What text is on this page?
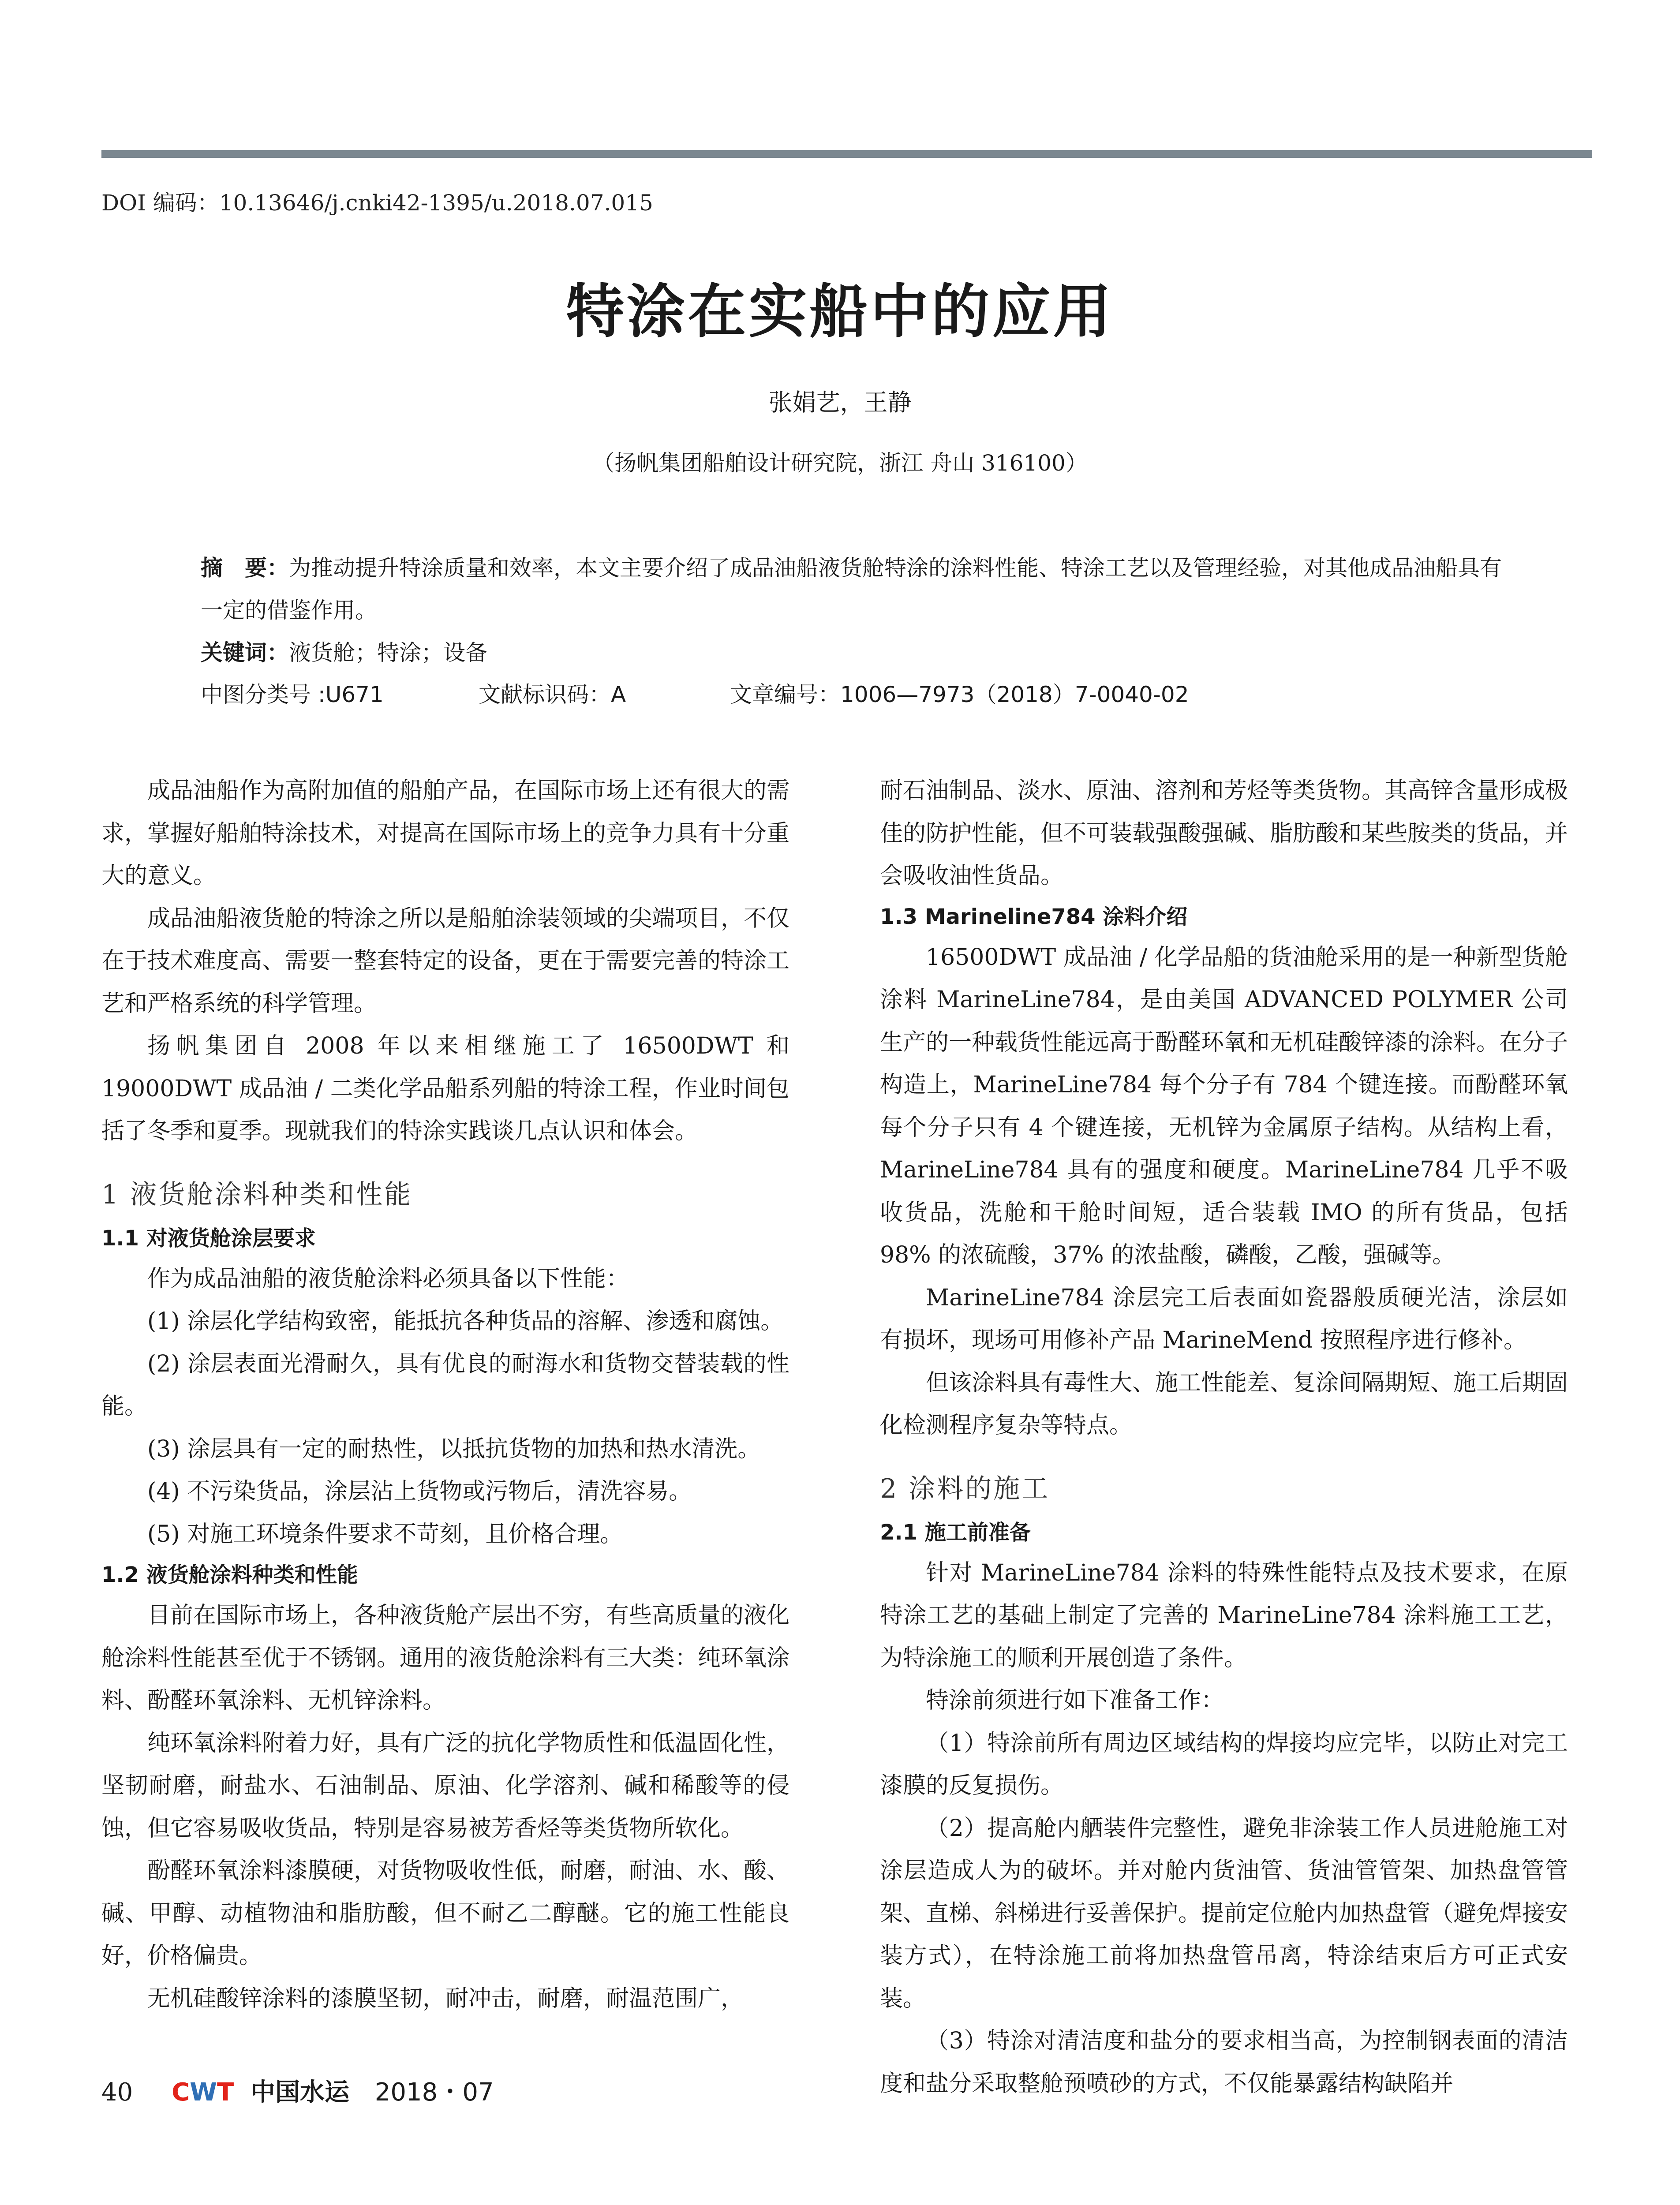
DOI 编码：10.13646/j.cnki42-1395/u.2018.07.015
特涂在实船中的应用
张娟艺，王静
（扬帆集团船舶设计研究院，浙江 舟山 316100）
摘　要：为推动提升特涂质量和效率，本文主要介绍了成品油船液货舱特涂的涂料性能、特涂工艺以及管理经验，对其他成品油船具有一定的借鉴作用。
关键词：液货舱；特涂；设备
中图分类号 :U671	文献标识码：A	文章编号：1006—7973（2018）7-0040-02

成品油船作为高附加值的船舶产品，在国际市场上还有很大的需求，掌握好船舶特涂技术，对提高在国际市场上的竞争力具有十分重大的意义。

成品油船液货舱的特涂之所以是船舶涂装领域的尖端项目，不仅在于技术难度高、需要一整套特定的设备，更在于需要完善的特涂工艺和严格系统的科学管理。

扬帆集团自 2008 年以来相继施工了 16500DWT 和 19000DWT 成品油 / 二类化学品船系列船的特涂工程，作业时间包括了冬季和夏季。现就我们的特涂实践谈几点认识和体会。

1 液货舱涂料种类和性能
1.1 对液货舱涂层要求

作为成品油船的液货舱涂料必须具备以下性能：

(1) 涂层化学结构致密，能抵抗各种货品的溶解、渗透和腐蚀。

(2) 涂层表面光滑耐久，具有优良的耐海水和货物交替装载的性能。

(3) 涂层具有一定的耐热性，以抵抗货物的加热和热水清洗。

(4) 不污染货品，涂层沾上货物或污物后，清洗容易。

(5) 对施工环境条件要求不苛刻，且价格合理。

1.2 液货舱涂料种类和性能

目前在国际市场上，各种液货舱产层出不穷，有些高质量的液化舱涂料性能甚至优于不锈钢。通用的液货舱涂料有三大类：纯环氧涂料、酚醛环氧涂料、无机锌涂料。

纯环氧涂料附着力好，具有广泛的抗化学物质性和低温固化性，坚韧耐磨，耐盐水、石油制品、原油、化学溶剂、碱和稀酸等的侵蚀，但它容易吸收货品，特别是容易被芳香烃等类货物所软化。

酚醛环氧涂料漆膜硬，对货物吸收性低，耐磨，耐油、水、酸、碱、甲醇、动植物油和脂肪酸，但不耐乙二醇醚。它的施工性能良好，价格偏贵。

无机硅酸锌涂料的漆膜坚韧，耐冲击，耐磨，耐温范围广，

耐石油制品、淡水、原油、溶剂和芳烃等类货物。其高锌含量形成极佳的防护性能，但不可装载强酸强碱、脂肪酸和某些胺类的货品，并会吸收油性货品。

1.3 Marineline784 涂料介绍

16500DWT 成品油 / 化学品船的货油舱采用的是一种新型货舱涂料 MarineLine784，是由美国 ADVANCED POLYMER 公司生产的一种载货性能远高于酚醛环氧和无机硅酸锌漆的涂料。在分子构造上，MarineLine784 每个分子有 784 个键连接。而酚醛环氧每个分子只有 4 个键连接，无机锌为金属原子结构。从结构上看，MarineLine784 具有的强度和硬度。MarineLine784 几乎不吸收货品，洗舱和干舱时间短，适合装载 IMO 的所有货品，包括 98% 的浓硫酸，37% 的浓盐酸，磷酸，乙酸，强碱等。

MarineLine784 涂层完工后表面如瓷器般质硬光洁，涂层如有损坏，现场可用修补产品 MarineMend 按照程序进行修补。

但该涂料具有毒性大、施工性能差、复涂间隔期短、施工后期固化检测程序复杂等特点。

2 涂料的施工
2.1 施工前准备

针对 MarineLine784 涂料的特殊性能特点及技术要求，在原特涂工艺的基础上制定了完善的 MarineLine784 涂料施工工艺，为特涂施工的顺利开展创造了条件。

特涂前须进行如下准备工作：

（1）特涂前所有周边区域结构的焊接均应完毕，以防止对完工漆膜的反复损伤。

（2）提高舱内舾装件完整性，避免非涂装工作人员进舱施工对涂层造成人为的破坏。并对舱内货油管、货油管管架、加热盘管管架、直梯、斜梯进行妥善保护。提前定位舱内加热盘管（避免焊接安装方式），在特涂施工前将加热盘管吊离，特涂结束后方可正式安装。

（3）特涂对清洁度和盐分的要求相当高，为控制钢表面的清洁度和盐分采取整舱预喷砂的方式，不仅能暴露结构缺陷并

40 CWT 中国水运 2018・07
